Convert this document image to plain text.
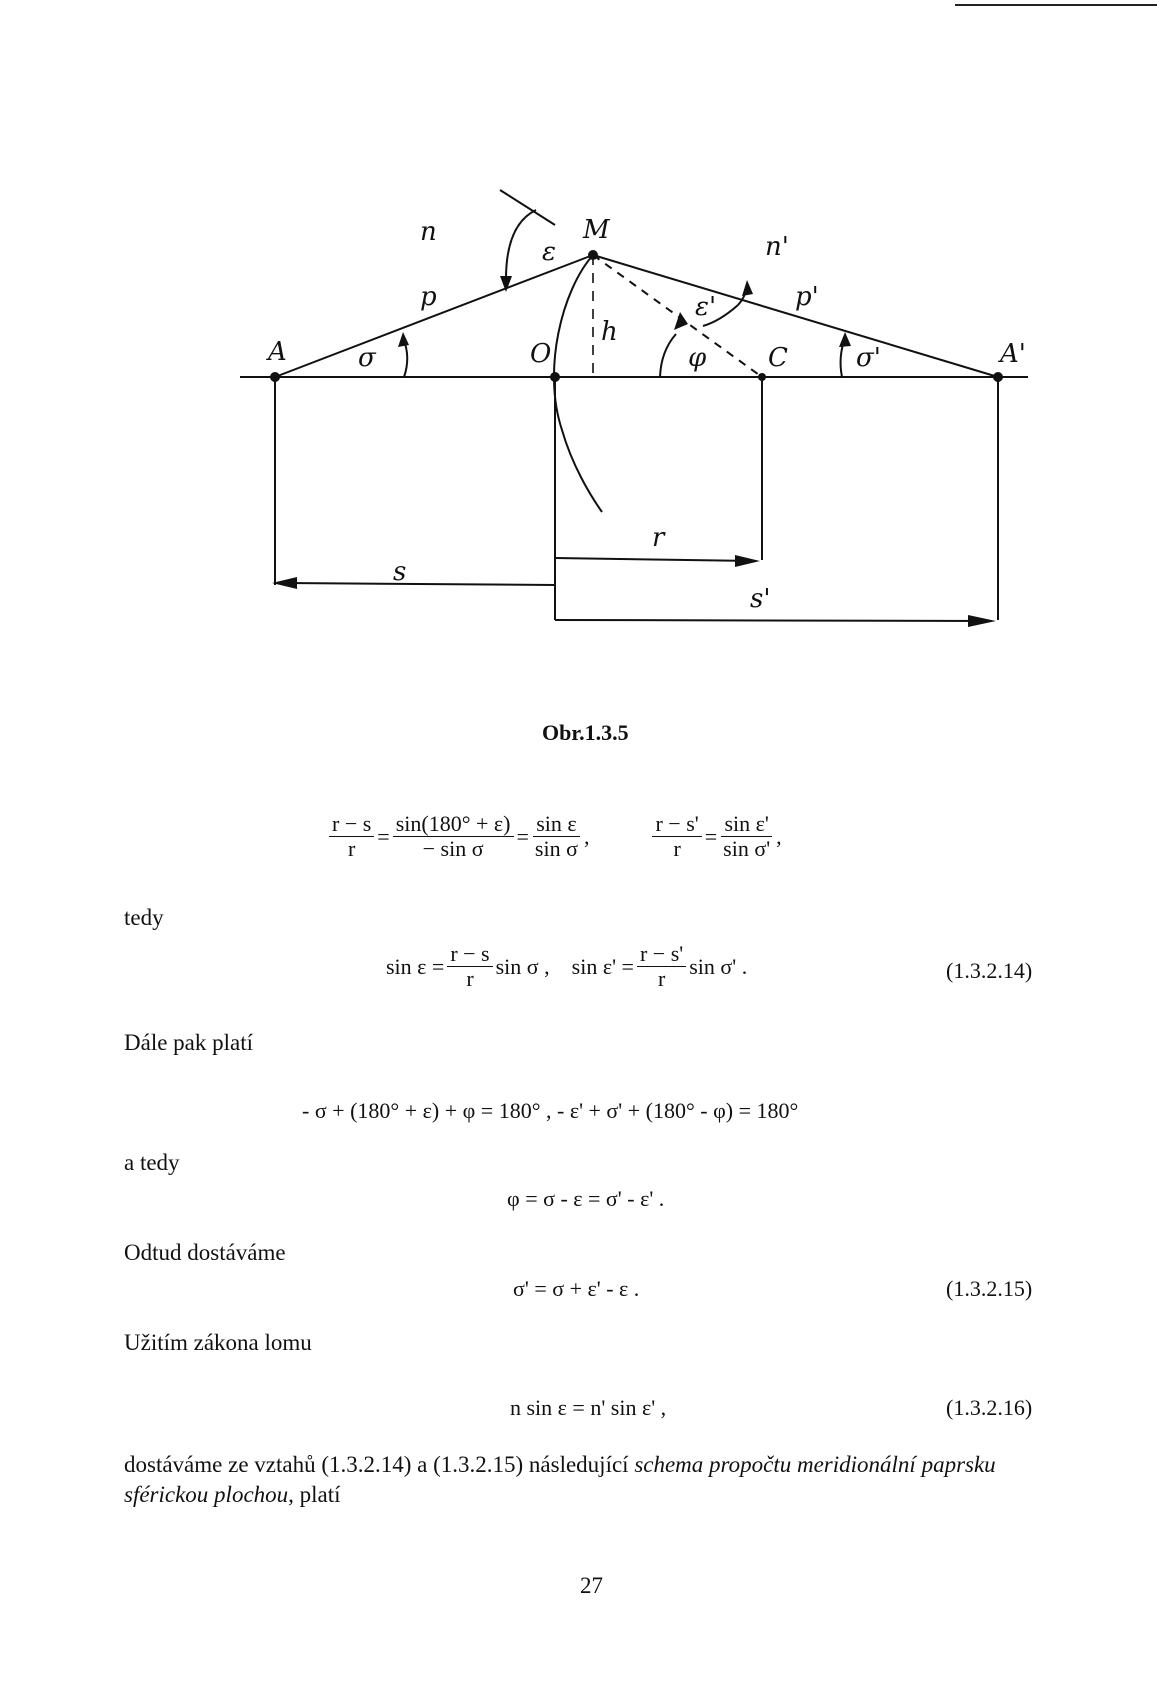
n	M
n'
ε
ε'
p	p'
h
A	A'
O	C
σ	σ'
φ
r
s
s'
Obr.1.3.5
$\frac{r - s}{r} = \frac{\sin(180^\circ + \varepsilon)}{\text{− sin σ}} = \frac{\text{sin ε}}{\text{sin σ}}$ ,	$\frac{r - s'}{r} = \frac{\text{sin ε'}}{\text{sin σ'}}$ ,
tedy
$\sin \varepsilon = \frac{r - s}{r}$ sin σ , $\sin \varepsilon' = \frac{r - s'}{r}$ sin σ' .	(1.3.2.14)
Dále pak platí
- σ + (180° + ε) + φ = 180° , - ε' + σ' + (180° - φ) = 180°
a tedy
φ = σ - ε = σ' - ε' .
Odtud dostáváme
σ' = σ + ε' - ε .	(1.3.2.15)
Užitím zákona lomu
n sin ε = n' sin ε' ,	(1.3.2.16)
dostáváme ze vztahů (1.3.2.14) a (1.3.2.15) následující schema propočtu meridionální paprsku
sférickou plochou, platí
27
